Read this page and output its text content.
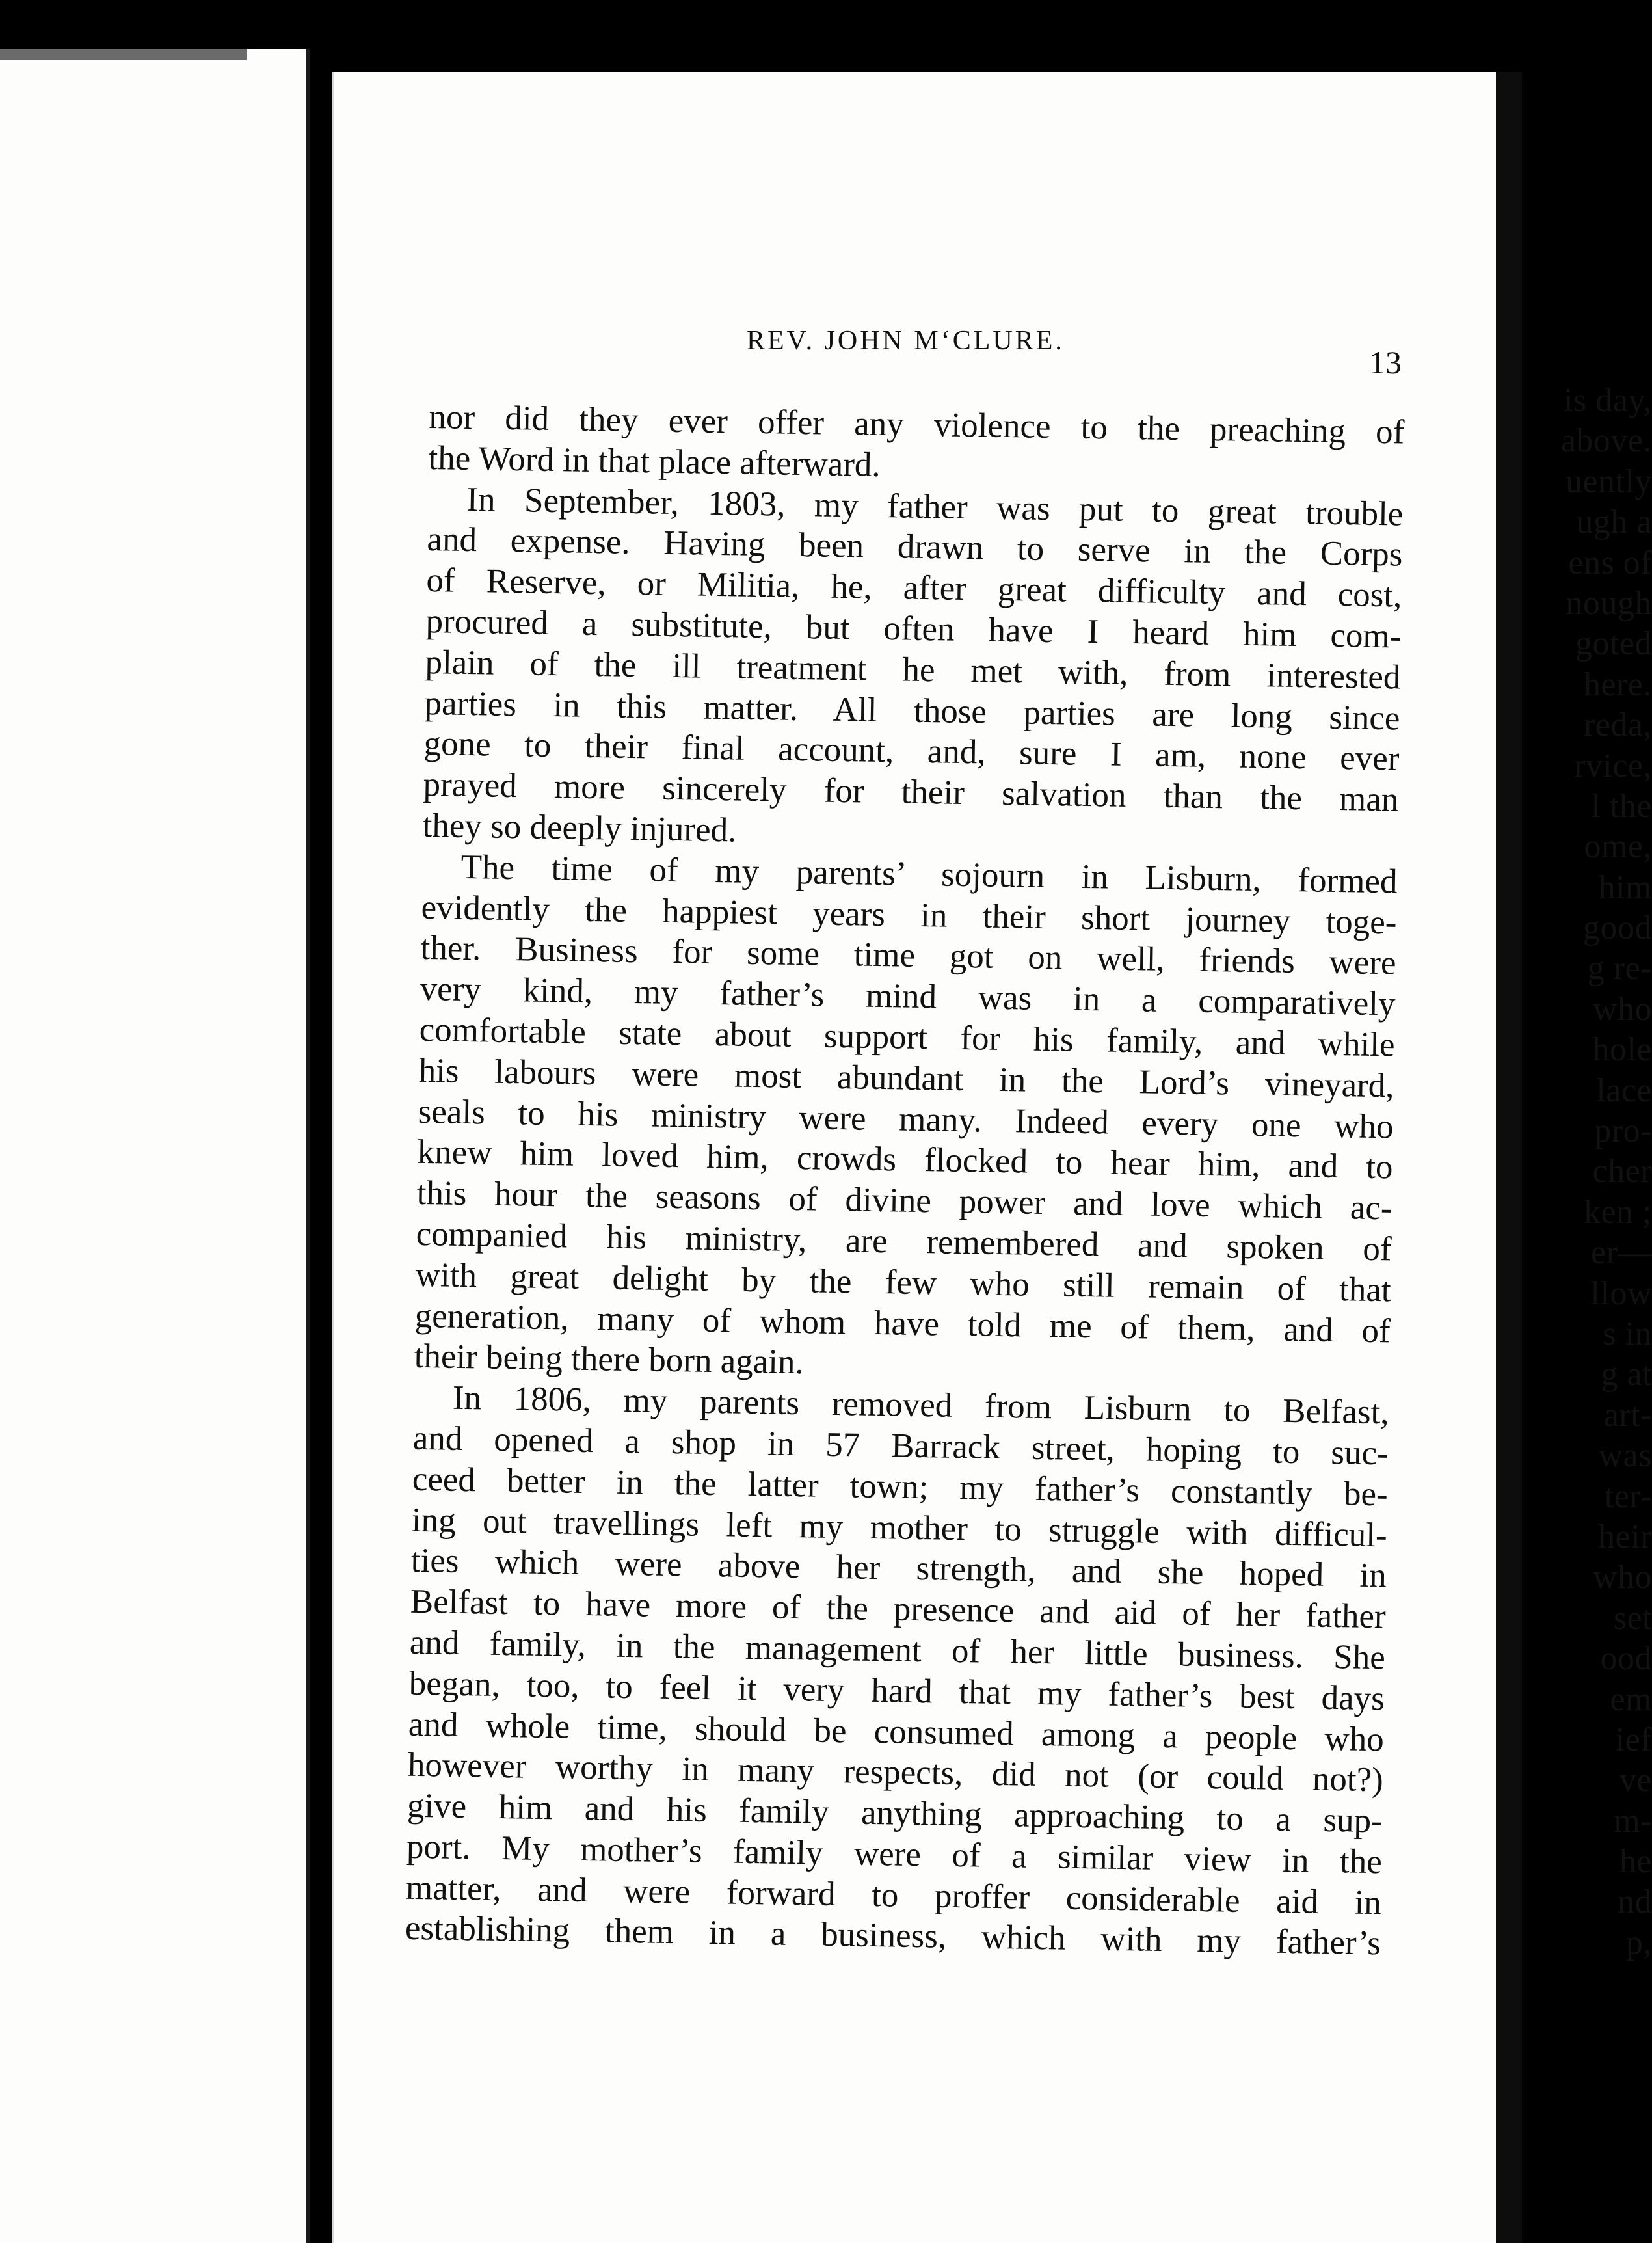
is day,
above.
uently
ugh a
ens of
nough
goted
here.
reda,
rvice,
l the
ome,
him
good
g re-
who
hole
lace
pro-
cher
ken ;
er—
llow
s in
g at
art-
was
ter-
heir
who
set
ood
em
ief
ve
m-
he
nd
p,
REV. JOHN M‘CLURE.
13
nor did they ever offer any violence to the preaching of
the Word in that place afterward.
In September, 1803, my father was put to great trouble
and expense. Having been drawn to serve in the Corps
of Reserve, or Militia, he, after great difficulty and cost,
procured a substitute, but often have I heard him com-
plain of the ill treatment he met with, from interested
parties in this matter. All those parties are long since
gone to their final account, and, sure I am, none ever
prayed more sincerely for their salvation than the man
they so deeply injured.
The time of my parents’ sojourn in Lisburn, formed
evidently the happiest years in their short journey toge-
ther. Business for some time got on well, friends were
very kind, my father’s mind was in a comparatively
comfortable state about support for his family, and while
his labours were most abundant in the Lord’s vineyard,
seals to his ministry were many. Indeed every one who
knew him loved him, crowds flocked to hear him, and to
this hour the seasons of divine power and love which ac-
companied his ministry, are remembered and spoken of
with great delight by the few who still remain of that
generation, many of whom have told me of them, and of
their being there born again.
In 1806, my parents removed from Lisburn to Belfast,
and opened a shop in 57 Barrack street, hoping to suc-
ceed better in the latter town; my father’s constantly be-
ing out travellings left my mother to struggle with difficul-
ties which were above her strength, and she hoped in
Belfast to have more of the presence and aid of her father
and family, in the management of her little business. She
began, too, to feel it very hard that my father’s best days
and whole time, should be consumed among a people who
however worthy in many respects, did not (or could not?)
give him and his family anything approaching to a sup-
port. My mother’s family were of a similar view in the
matter, and were forward to proffer considerable aid in
establishing them in a business, which with my father’s
